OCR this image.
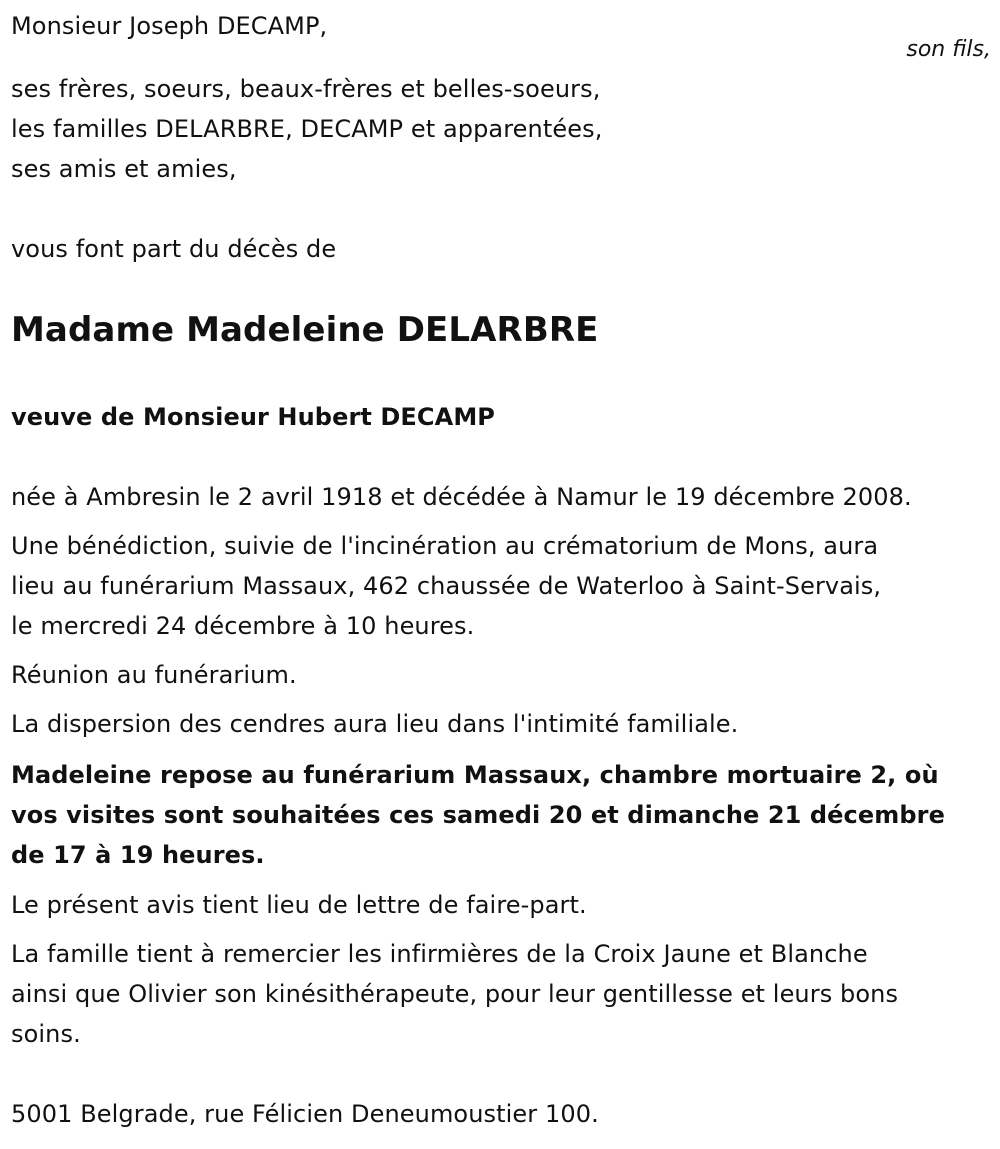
Monsieur Joseph DECAMP,
son fils,
ses frères, soeurs, beaux-frères et belles-soeurs,
les familles DELARBRE, DECAMP et apparentées,
ses amis et amies,
vous font part du décès de
Madame Madeleine DELARBRE
veuve de Monsieur Hubert DECAMP
née à Ambresin le 2 avril 1918 et décédée à Namur le 19 décembre 2008.
Une bénédiction, suivie de l'incinération au crématorium de Mons, aura
lieu au funérarium Massaux, 462 chaussée de Waterloo à Saint-Servais,
le mercredi 24 décembre à 10 heures.
Réunion au funérarium.
La dispersion des cendres aura lieu dans l'intimité familiale.
Madeleine repose au funérarium Massaux, chambre mortuaire 2, où
vos visites sont souhaitées ces samedi 20 et dimanche 21 décembre
de 17 à 19 heures.
Le présent avis tient lieu de lettre de faire-part.
La famille tient à remercier les infirmières de la Croix Jaune et Blanche
ainsi que Olivier son kinésithérapeute, pour leur gentillesse et leurs bons
soins.
5001 Belgrade, rue Félicien Deneumoustier 100.
